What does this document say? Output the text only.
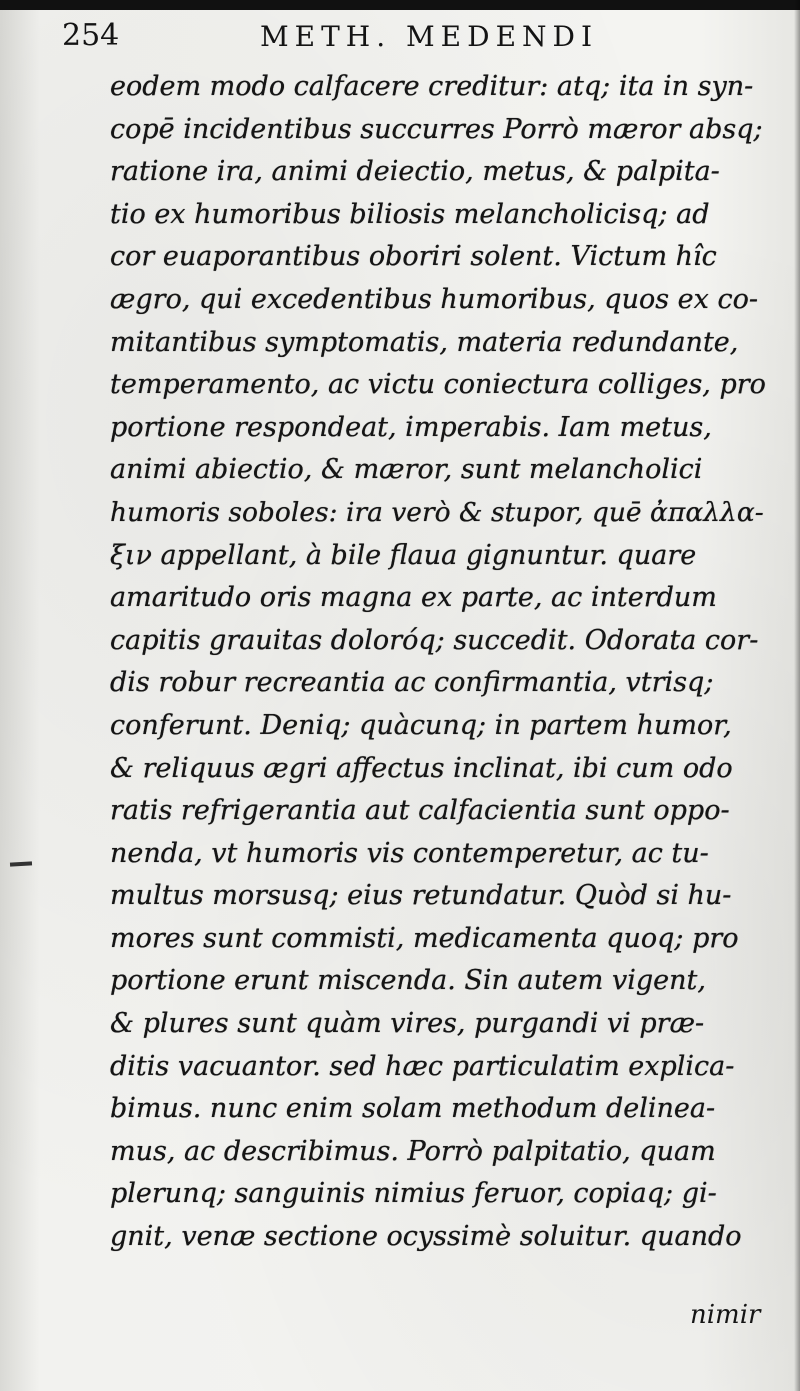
254	METH. MEDENDI
eodem modo calfacere creditur: atq; ita in syn-
copē incidentibus succurres Porrò mæror absq;
ratione ira, animi deiectio, metus, & palpita-
tio ex humoribus biliosis melancholicisq; ad
cor euaporantibus oboriri solent. Victum hîc
ægro, qui excedentibus humoribus, quos ex co-
mitantibus symptomatis, materia redundante,
temperamento, ac victu coniectura colliges, pro
portione respondeat, imperabis. Iam metus,
animi abiectio, & mæror, sunt melancholici
humoris soboles: ira verò & stupor, quē ἀπαλλα-
ξιν appellant, à bile flaua gignuntur. quare
amaritudo oris magna ex parte, ac interdum
capitis grauitas doloróq; succedit. Odorata cor-
dis robur recreantia ac confirmantia, vtrisq;
conferunt. Deniq; quàcunq; in partem humor,
& reliquus ægri affectus inclinat, ibi cum odo
ratis refrigerantia aut calfacientia sunt oppo-
nenda, vt humoris vis contemperetur, ac tu-
multus morsusq; eius retundatur. Quòd si hu-
mores sunt commisti, medicamenta quoq; pro
portione erunt miscenda. Sin autem vigent,
& plures sunt quàm vires, purgandi vi præ-
ditis vacuantor. sed hæc particulatim explica-
bimus. nunc enim solam methodum delinea-
mus, ac describimus. Porrò palpitatio, quam
plerunq; sanguinis nimius feruor, copiaq; gi-
gnit, venæ sectione ocyssimè soluitur. quando
nimir
